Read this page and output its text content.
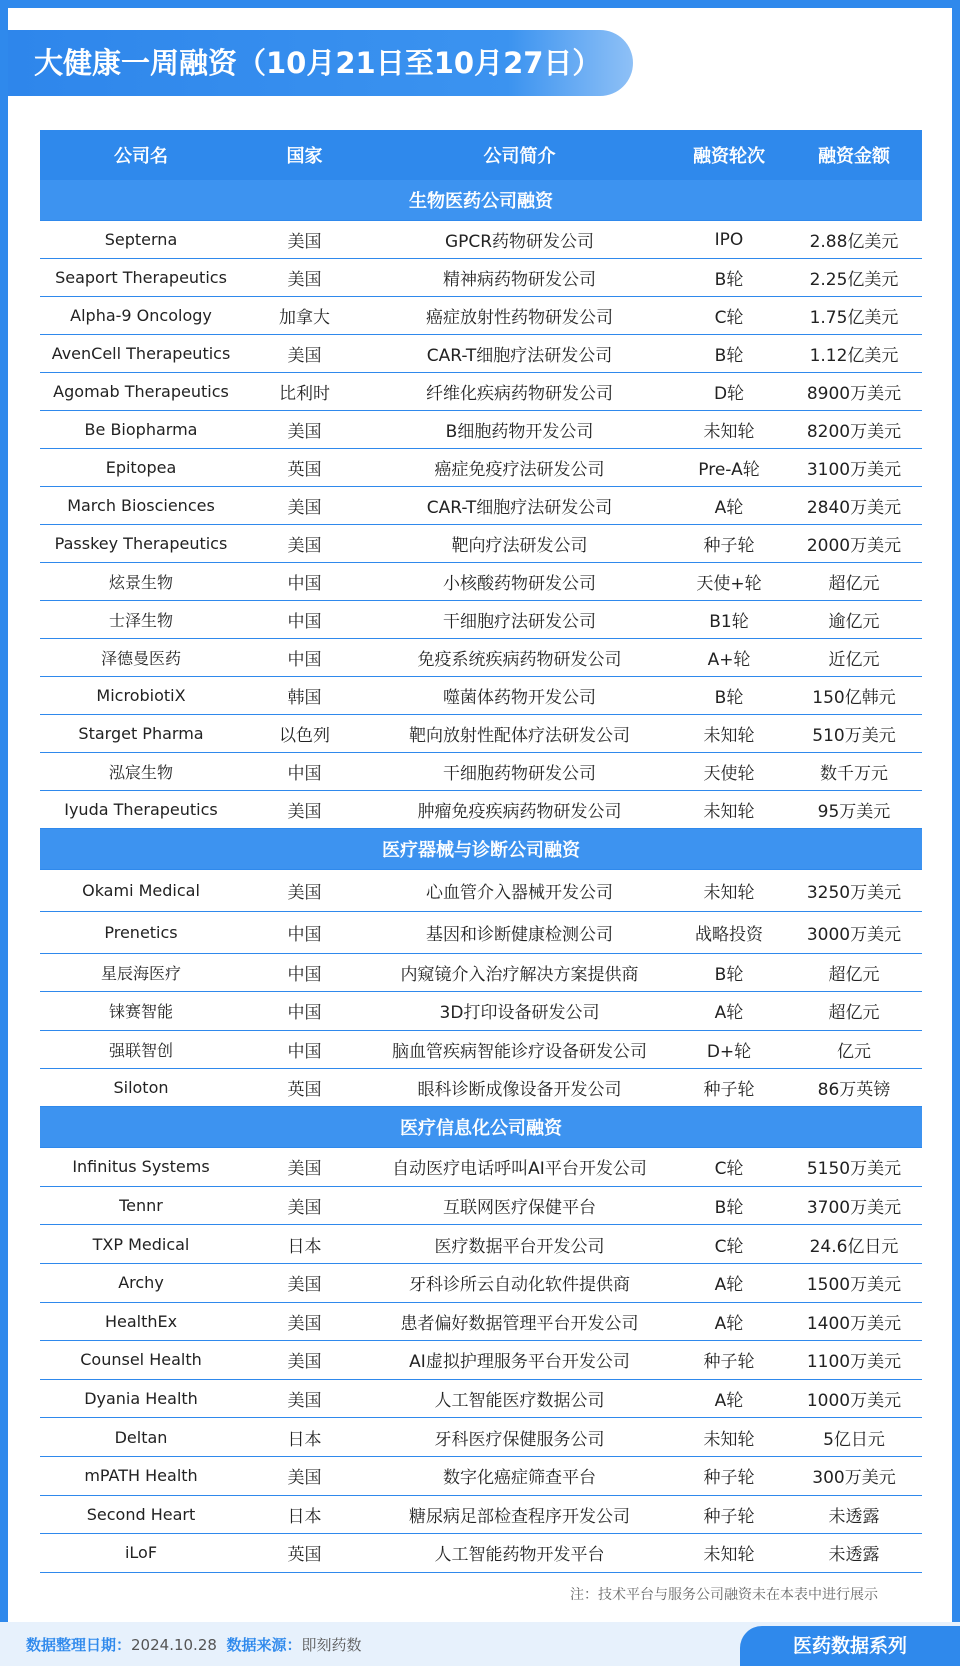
大健康一周融资（10月21日至10月27日）
公司名	国家	公司简介	融资轮次	融资金额
生物医药公司融资				
Septerna	美国	GPCR药物研发公司	IPO	2.88亿美元
Seaport Therapeutics	美国	精神病药物研发公司	B轮	2.25亿美元
Alpha-9 Oncology	加拿大	癌症放射性药物研发公司	C轮	1.75亿美元
AvenCell Therapeutics	美国	CAR-T细胞疗法研发公司	B轮	1.12亿美元
Agomab Therapeutics	比利时	纤维化疾病药物研发公司	D轮	8900万美元
Be Biopharma	美国	B细胞药物开发公司	未知轮	8200万美元
Epitopea	英国	癌症免疫疗法研发公司	Pre-A轮	3100万美元
March Biosciences	美国	CAR-T细胞疗法研发公司	A轮	2840万美元
Passkey Therapeutics	美国	靶向疗法研发公司	种子轮	2000万美元
炫景生物	中国	小核酸药物研发公司	天使+轮	超亿元
士泽生物	中国	干细胞疗法研发公司	B1轮	逾亿元
泽德曼医药	中国	免疫系统疾病药物研发公司	A+轮	近亿元
MicrobiotiX	韩国	噬菌体药物开发公司	B轮	150亿韩元
Starget Pharma	以色列	靶向放射性配体疗法研发公司	未知轮	510万美元
泓宸生物	中国	干细胞药物研发公司	天使轮	数千万元
Iyuda Therapeutics	美国	肿瘤免疫疾病药物研发公司	未知轮	95万美元
医疗器械与诊断公司融资				
Okami Medical	美国	心血管介入器械开发公司	未知轮	3250万美元
Prenetics	中国	基因和诊断健康检测公司	战略投资	3000万美元
星辰海医疗	中国	内窥镜介入治疗解决方案提供商	B轮	超亿元
铼赛智能	中国	3D打印设备研发公司	A轮	超亿元
强联智创	中国	脑血管疾病智能诊疗设备研发公司	D+轮	亿元
Siloton	英国	眼科诊断成像设备开发公司	种子轮	86万英镑
医疗信息化公司融资				
Infinitus Systems	美国	自动医疗电话呼叫AI平台开发公司	C轮	5150万美元
Tennr	美国	互联网医疗保健平台	B轮	3700万美元
TXP Medical	日本	医疗数据平台开发公司	C轮	24.6亿日元
Archy	美国	牙科诊所云自动化软件提供商	A轮	1500万美元
HealthEx	美国	患者偏好数据管理平台开发公司	A轮	1400万美元
Counsel Health	美国	AI虚拟护理服务平台开发公司	种子轮	1100万美元
Dyania Health	美国	人工智能医疗数据公司	A轮	1000万美元
Deltan	日本	牙科医疗保健服务公司	未知轮	5亿日元
mPATH Health	美国	数字化癌症筛查平台	种子轮	300万美元
Second Heart	日本	糖尿病足部检查程序开发公司	种子轮	未透露
iLoF	英国	人工智能药物开发平台	未知轮	未透露
注：技术平台与服务公司融资未在本表中进行展示
数据整理日期：2024.10.28 数据来源：即刻药数	医药数据系列
